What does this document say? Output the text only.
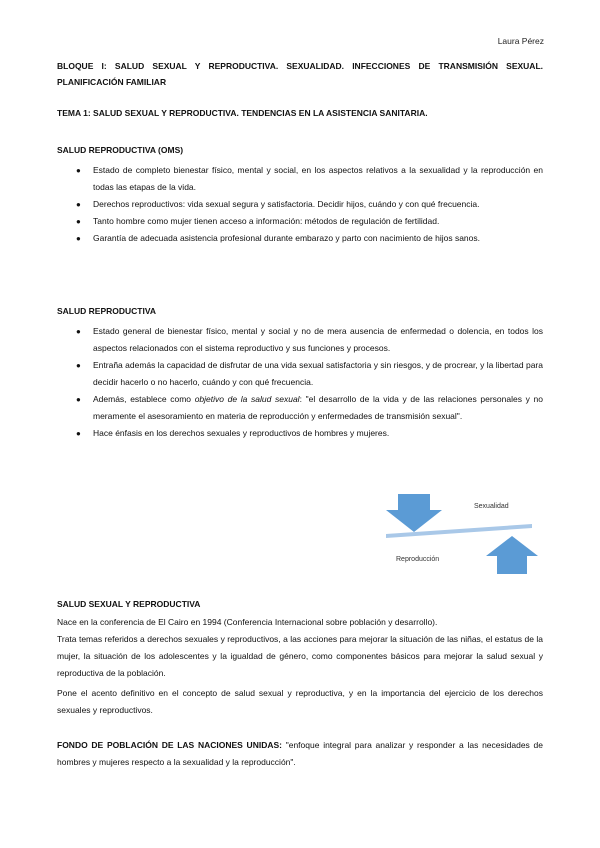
Laura Pérez
BLOQUE I: SALUD SEXUAL Y REPRODUCTIVA. SEXUALIDAD. INFECCIONES DE TRANSMISIÓN SEXUAL. PLANIFICACIÓN FAMILIAR
TEMA 1: SALUD SEXUAL Y REPRODUCTIVA. TENDENCIAS EN LA ASISTENCIA SANITARIA.
SALUD REPRODUCTIVA (OMS)
● Estado de completo bienestar físico, mental y social, en los aspectos relativos a la sexualidad y la reproducción en todas las etapas de la vida.
● Derechos reproductivos: vida sexual segura y satisfactoria. Decidir hijos, cuándo y con qué frecuencia.
● Tanto hombre como mujer tienen acceso a información: métodos de regulación de fertilidad.
● Garantía de adecuada asistencia profesional durante embarazo y parto con nacimiento de hijos sanos.
SALUD REPRODUCTIVA
● Estado general de bienestar físico, mental y social y no de mera ausencia de enfermedad o dolencia, en todos los aspectos relacionados con el sistema reproductivo y sus funciones y procesos.
● Entraña además la capacidad de disfrutar de una vida sexual satisfactoria y sin riesgos, y de procrear, y la libertad para decidir hacerlo o no hacerlo, cuándo y con qué frecuencia.
● Además, establece como objetivo de la salud sexual: "el desarrollo de la vida y de las relaciones personales y no meramente el asesoramiento en materia de reproducción y enfermedades de transmisión sexual".
● Hace énfasis en los derechos sexuales y reproductivos de hombres y mujeres.
Sexualidad
Reproducción
SALUD SEXUAL Y REPRODUCTIVA

Nace en la conferencia de El Cairo en 1994 (Conferencia Internacional sobre población y desarrollo).

Trata temas referidos a derechos sexuales y reproductivos, a las acciones para mejorar la situación de las niñas, el estatus de la mujer, la situación de los adolescentes y la igualdad de género, como componentes básicos para mejorar la salud sexual y reproductiva de la población.

Pone el acento definitivo en el concepto de salud sexual y reproductiva, y en la importancia del ejercicio de los derechos sexuales y reproductivos.

FONDO DE POBLACIÓN DE LAS NACIONES UNIDAS: "enfoque integral para analizar y responder a las necesidades de hombres y mujeres respecto a la sexualidad y la reproducción".
